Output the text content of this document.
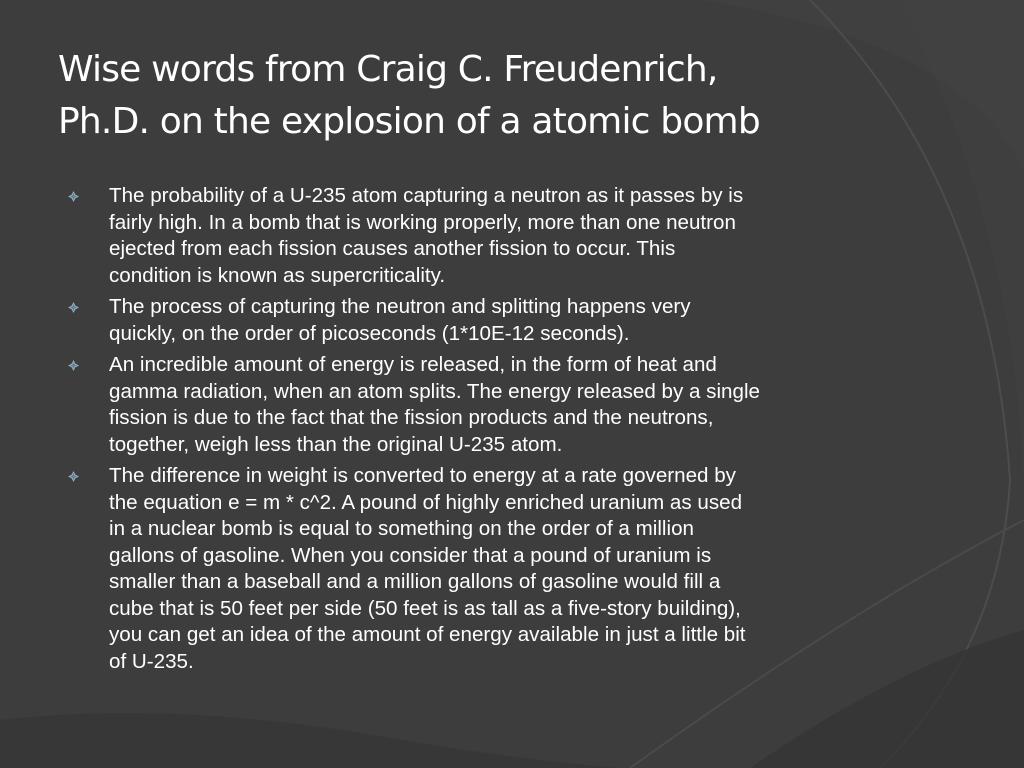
Wise words from Craig C. Freudenrich,
Ph.D. on the explosion of a atomic bomb
The probability of a U-235 atom capturing a neutron as it passes by is
fairly high. In a bomb that is working properly, more than one neutron
ejected from each fission causes another fission to occur. This
condition is known as supercriticality.
The process of capturing the neutron and splitting happens very
quickly, on the order of picoseconds (1*10E-12 seconds).
An incredible amount of energy is released, in the form of heat and
gamma radiation, when an atom splits. The energy released by a single
fission is due to the fact that the fission products and the neutrons,
together, weigh less than the original U-235 atom.
The difference in weight is converted to energy at a rate governed by
the equation e = m * c^2. A pound of highly enriched uranium as used
in a nuclear bomb is equal to something on the order of a million
gallons of gasoline. When you consider that a pound of uranium is
smaller than a baseball and a million gallons of gasoline would fill a
cube that is 50 feet per side (50 feet is as tall as a five-story building),
you can get an idea of the amount of energy available in just a little bit
of U-235.
